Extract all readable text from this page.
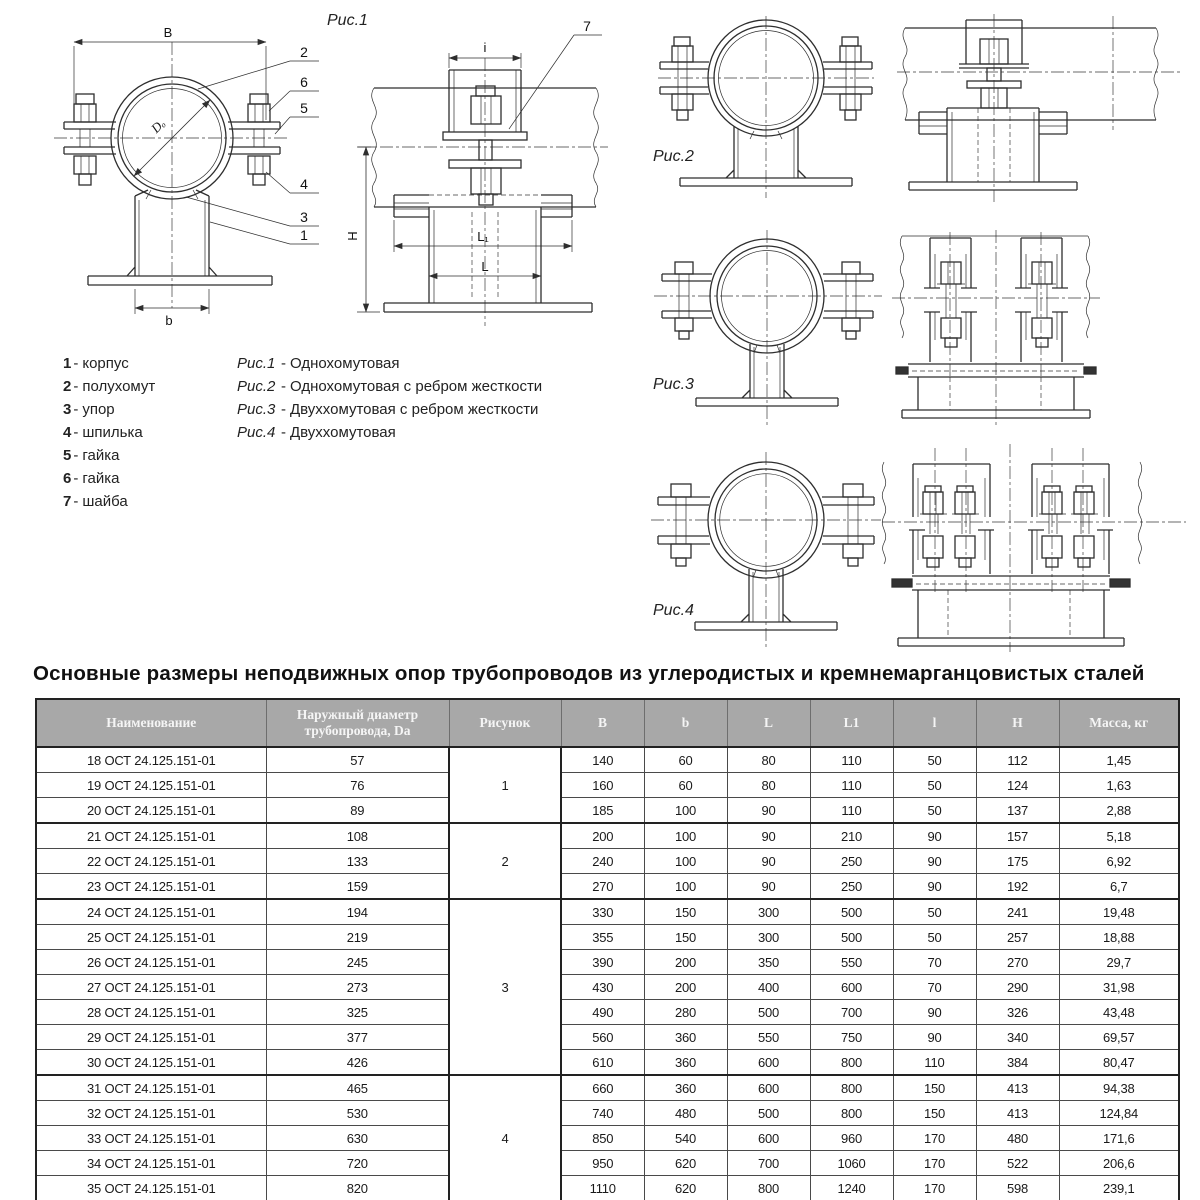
B
b
Dₒ
2
6
5
4
3
1
Рис.1
i
H	L₁
L
7
Рис.2
Рис.3
Рис.4
1 - корпус
2 - полухомут
3 - упор
4 - шпилька
5 - гайка
6 - гайка
7 - шайба
Рис.1 - Однохомутовая
Рис.2 - Однохомутовая с ребром жесткости
Рис.3 - Двуххомутовая с ребром жесткости
Рис.4 - Двуххомутовая
Основные размеры неподвижных опор трубопроводов из углеродистых и кремнемарганцовистых сталей
Наименование	Наружный диаметр трубопровода, Da	Рисунок	B	b	L	L1	l	H	Масса, кг
18 ОСТ 24.125.151-01	57	1	140	60	80	110	50	112	1,45
19 ОСТ 24.125.151-01	76		160	60	80	110	50	124	1,63
20 ОСТ 24.125.151-01	89		185	100	90	110	50	137	2,88
21 ОСТ 24.125.151-01	108	2	200	100	90	210	90	157	5,18
22 ОСТ 24.125.151-01	133		240	100	90	250	90	175	6,92
23 ОСТ 24.125.151-01	159		270	100	90	250	90	192	6,7
24 ОСТ 24.125.151-01	194	3	330	150	300	500	50	241	19,48
25 ОСТ 24.125.151-01	219		355	150	300	500	50	257	18,88
26 ОСТ 24.125.151-01	245		390	200	350	550	70	270	29,7
27 ОСТ 24.125.151-01	273		430	200	400	600	70	290	31,98
28 ОСТ 24.125.151-01	325		490	280	500	700	90	326	43,48
29 ОСТ 24.125.151-01	377		560	360	550	750	90	340	69,57
30 ОСТ 24.125.151-01	426		610	360	600	800	110	384	80,47
31 ОСТ 24.125.151-01	465	4	660	360	600	800	150	413	94,38
32 ОСТ 24.125.151-01	530		740	480	500	800	150	413	124,84
33 ОСТ 24.125.151-01	630		850	540	600	960	170	480	171,6
34 ОСТ 24.125.151-01	720		950	620	700	1060	170	522	206,6
35 ОСТ 24.125.151-01	820		1110	620	800	1240	170	598	239,1
